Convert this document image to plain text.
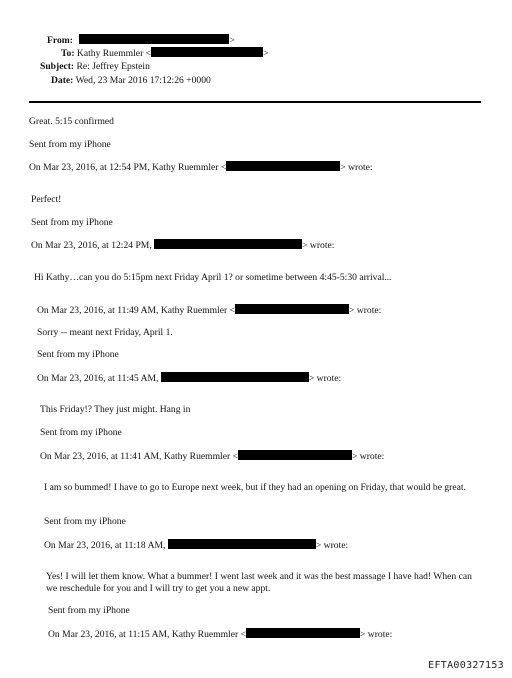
From:	>
To: Kathy Ruemmler <	>
Subject: Re: Jeffrey Epstein
Date: Wed, 23 Mar 2016 17:12:26 +0000
Great. 5:15 confirmed
Sent from my iPhone
On Mar 23, 2016, at 12:54 PM, Kathy Ruemmler <	> wrote:
Perfect!
Sent from my iPhone
On Mar 23, 2016, at 12:24 PM,	> wrote:
Hi Kathy…can you do 5:15pm next Friday April 1? or sometime between 4:45-5:30 arrival...
On Mar 23, 2016, at 11:49 AM, Kathy Ruemmler <	> wrote:
Sorry -- meant next Friday, April 1.
Sent from my iPhone
On Mar 23, 2016, at 11:45 AM,	> wrote:
This Friday!? They just might. Hang in
Sent from my iPhone
On Mar 23, 2016, at 11:41 AM, Kathy Ruemmler <	> wrote:
I am so bummed! I have to go to Europe next week, but if they had an opening on Friday, that would be great.
Sent from my iPhone
On Mar 23, 2016, at 11:18 AM,	> wrote:
Yes! I will let them know. What a bummer! I went last week and it was the best massage I have had! When can we reschedule for you and I will try to get you a new appt.
Sent from my iPhone
On Mar 23, 2016, at 11:15 AM, Kathy Ruemmler <	> wrote:
EFTA00327153
